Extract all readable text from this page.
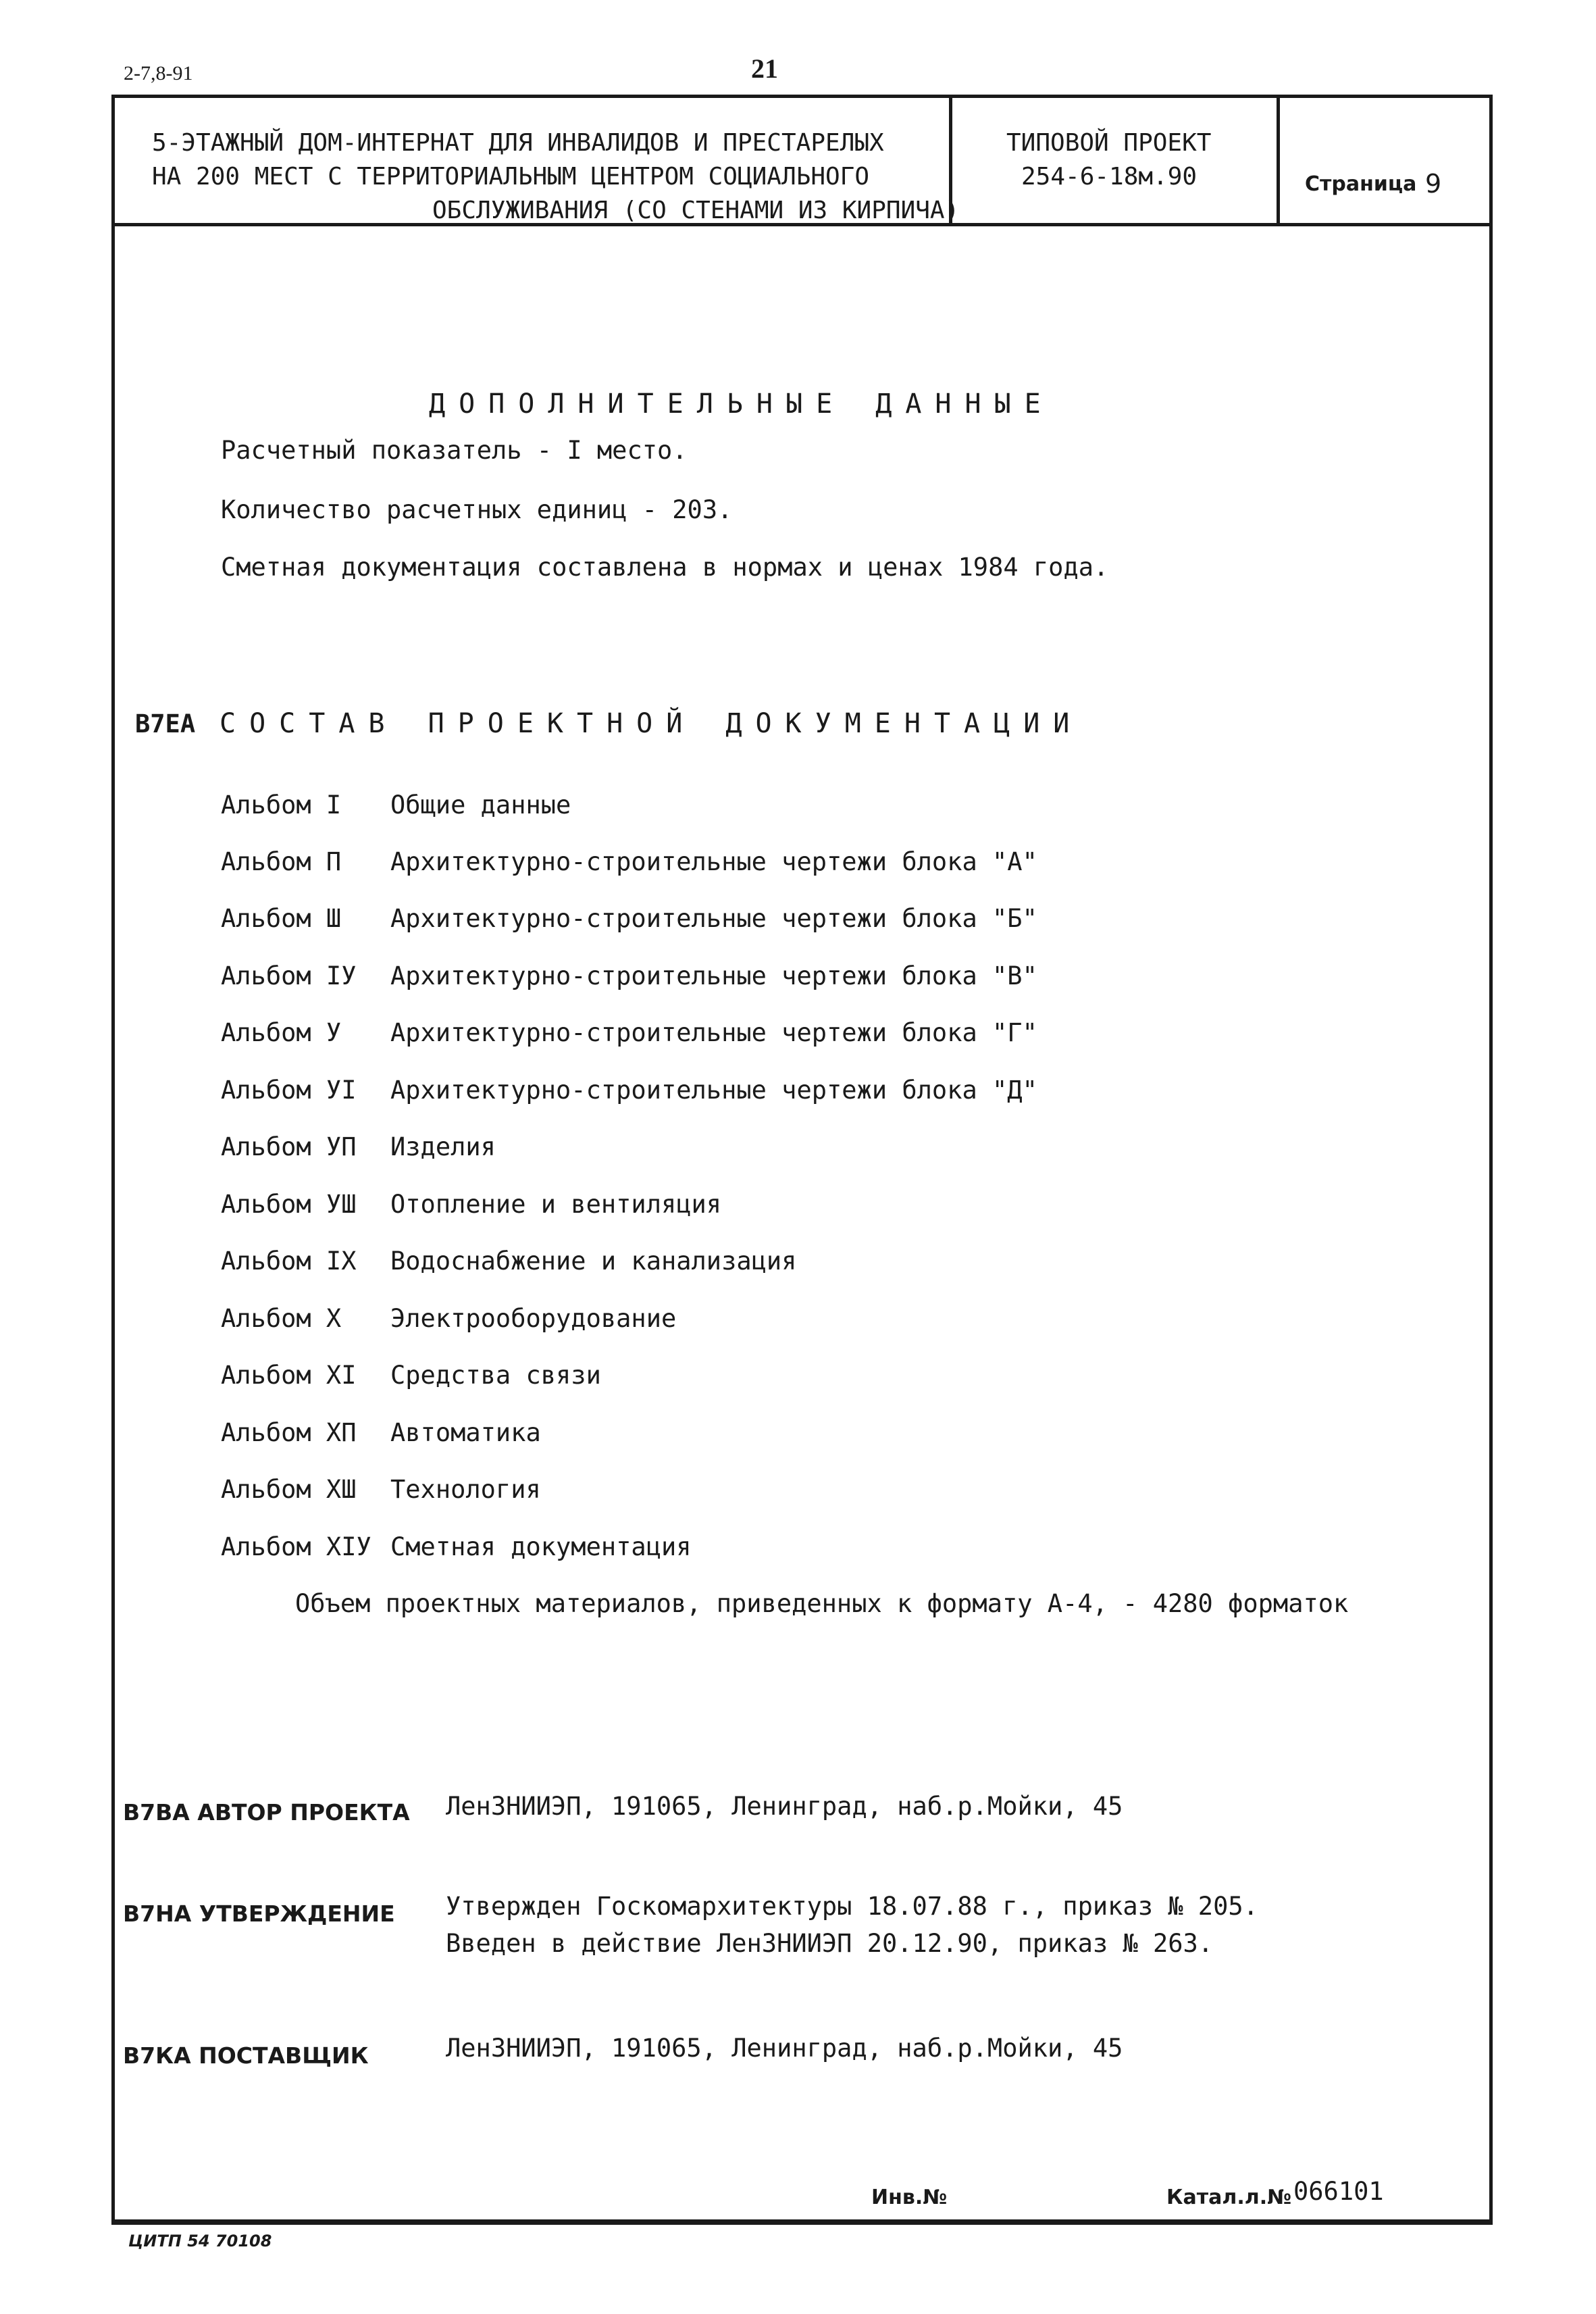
2-7,8-91	21
5-ЭТАЖНЫЙ ДОМ-ИНТЕРНАТ ДЛЯ ИНВАЛИДОВ И ПРЕСТАРЕЛЫХ
НА 200 МЕСТ С ТЕРРИТОРИАЛЬНЫМ ЦЕНТРОМ СОЦИАЛЬНОГО
ОБСЛУЖИВАНИЯ (СО СТЕНАМИ ИЗ КИРПИЧА)
ТИПОВОЙ ПРОЕКТ
254-6-18м.90	Страница 9
ДОПОЛНИТЕЛЬНЫЕ ДАННЫЕ
Расчетный показатель - I место.
Количество расчетных единиц - 203.
Сметная документация составлена в нормах и ценах 1984 года.
В7ЕА СОСТАВ ПРОЕКТНОЙ ДОКУМЕНТАЦИИ
Альбом I Общие данные
Альбом П Архитектурно-строительные чертежи блока "А"
Альбом Ш Архитектурно-строительные чертежи блока "Б"
Альбом IУ Архитектурно-строительные чертежи блока "В"
Альбом У Архитектурно-строительные чертежи блока "Г"
Альбом УI Архитектурно-строительные чертежи блока "Д"
Альбом УП Изделия
Альбом УШ Отопление и вентиляция
Альбом IX Водоснабжение и канализация
Альбом X Электрооборудование
Альбом XI Средства связи
Альбом XП Автоматика
Альбом XШ Технология
Альбом XIУ Сметная документация
Объем проектных материалов, приведенных к формату А-4, - 4280 форматок
В7ВА АВТОР ПРОЕКТА ЛенЗНИИЭП, 191065, Ленинград, наб.р.Мойки, 45
В7НА УТВЕРЖДЕНИЕ Утвержден Госкомархитектуры 18.07.88 г., приказ № 205.
Введен в действие ЛенЗНИИЭП 20.12.90, приказ № 263.
В7КА ПОСТАВЩИК	ЛенЗНИИЭП, 191065, Ленинград, наб.р.Мойки, 45
Инв.№	Катал.л.№ 066101
ЦИТП 54 70108
